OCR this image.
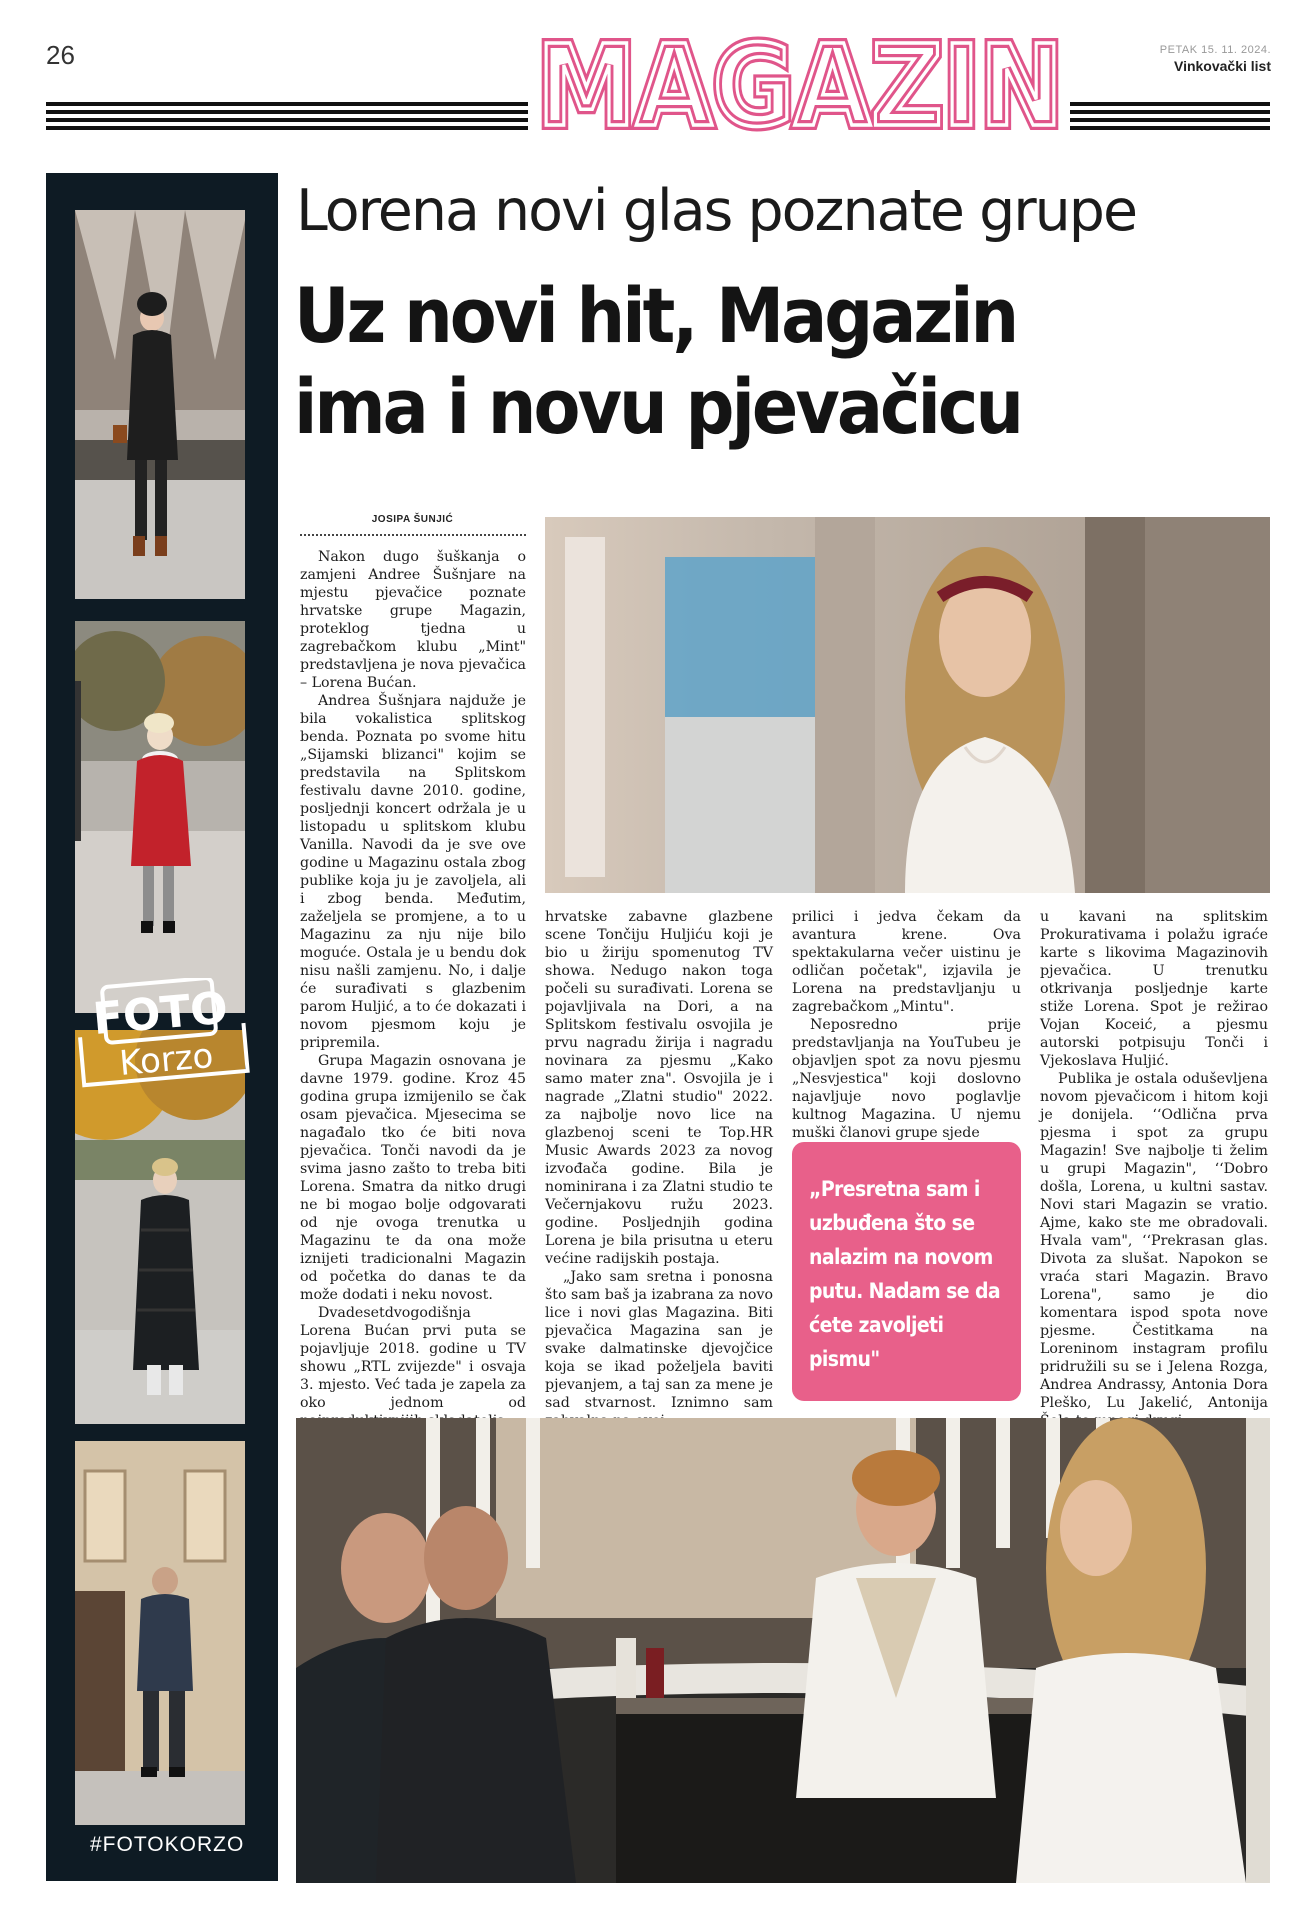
26	MAGAZIN
MAGAZIN	PETAK 15. 11. 2024.
Vinkovački list
FOTO
Korzo
#FOTOKORZO
Lorena novi glas poznate grupe
Uz novi hit, Magazin
ima i novu pjevačicu
JOSIPA ŠUNJIĆ

Nakon dugo šuškanja o zamjeni Andree Šušnjare na mjestu pjevačice poznate hrvatske grupe Magazin, proteklog tjedna u zagrebačkom klubu „Mint" predstavljena je nova pjevačica – Lorena Bućan.

Andrea Šušnjara najduže je bila vokalistica splitskog benda. Poznata po svome hitu „Sijamski blizanci" kojim se predstavila na Splitskom festivalu davne 2010. godine, posljednji koncert održala je u listopadu u splitskom klubu Vanilla. Navodi da je sve ove godine u Magazinu ostala zbog publike koja ju je zavoljela, ali i zbog benda. Međutim, zaželjela se promjene, a to u Magazinu za nju nije bilo moguće. Ostala je u bendu dok nisu našli zamjenu. No, i dalje će surađivati s glazbenim parom Huljić, a to će dokazati i novom pjesmom koju je pripremila.

Grupa Magazin osnovana je davne 1979. godine. Kroz 45 godina grupa izmijenilo se čak osam pjevačica. Mjesecima se nagađalo tko će biti nova pjevačica. Tonči navodi da je svima jasno zašto to treba biti Lorena. Smatra da nitko drugi ne bi mogao bolje odgovarati od nje ovoga trenutka u Magazinu te da ona može iznijeti tradicionalni Magazin od početka do danas te da može dodati i neku novost.

Dvadesetdvogodišnja Lorena Bućan prvi puta se pojavljuje 2018. godine u TV showu „RTL zvijezde" i osvaja 3. mjesto. Već tada je zapela za oko jednom od

hrvatske zabavne glazbene scene Tončiju Huljiću koji je bio u žiriju spomenutog TV showa. Nedugo nakon toga počeli su surađivati. Lorena se pojavljivala na Dori, a na Splitskom festivalu osvojila je prvu nagradu žirija i nagradu novinara za pjesmu „Kako samo mater zna". Osvojila je i nagrade „Zlatni studio" 2022. za najbolje novo lice na glazbenoj sceni te Top.HR Music Awards 2023 za novog izvođača godine. Bila je nominirana i za Zlatni studio te Večernjakovu ružu 2023. godine. Posljednjih godina Lorena je bila prisutna u eteru većine radijskih postaja.

„Jako sam sretna i ponosna što sam baš ja izabrana za novo lice i novi glas Magazina. Biti pjevačica Magazina san je svake dalmatinske djevojčice koja se ikad poželjela baviti pjevanjem, a taj san za mene je sad stvarnost. Iznimno sam

prilici i jedva čekam da avantura krene. Ova spektakularna večer uistinu je odličan početak", izjavila je Lorena na predstavljanju u zagrebačkom „Mintu".

Neposredno prije predstavljanja na YouTubeu je objavljen spot za novu pjesmu „Nesvjestica" koji doslovno najavljuje novo poglavlje kultnog Magazina. U njemu muški članovi grupe sjede

u kavani na splitskim Prokurativama i polažu igraće karte s likovima Magazinovih pjevačica. U trenutku otkrivanja posljednje karte stiže Lorena. Spot je režirao Vojan Koceić, a pjesmu autorski potpisuju Tonči i Vjekoslava Huljić.

Publika je ostala oduševljena novom pjevačicom i hitom koji je donijela. ‘‘Odlična prva pjesma i spot za grupu Magazin! Sve najbolje ti želim u grupi Magazin", ‘‘Dobro došla, Lorena, u kultni sastav. Novi stari Magazin se vratio. Ajme, kako ste me obradovali. Hvala vam", ‘‘Prekrasan glas. Divota za slušat. Napokon se vraća stari Magazin. Bravo Lorena", samo je dio komentara ispod spota nove pjesme. Čestitkama na Loreninom instagram profilu pridružili su se i Jelena Rozga, Andrea Andrassy, Antonia Dora Pleško, Lu Jakelić, Antonija

„Presretna sam i uzbuđena što se nalazim na novom putu. Nadam se da ćete zavoljeti pismu"
